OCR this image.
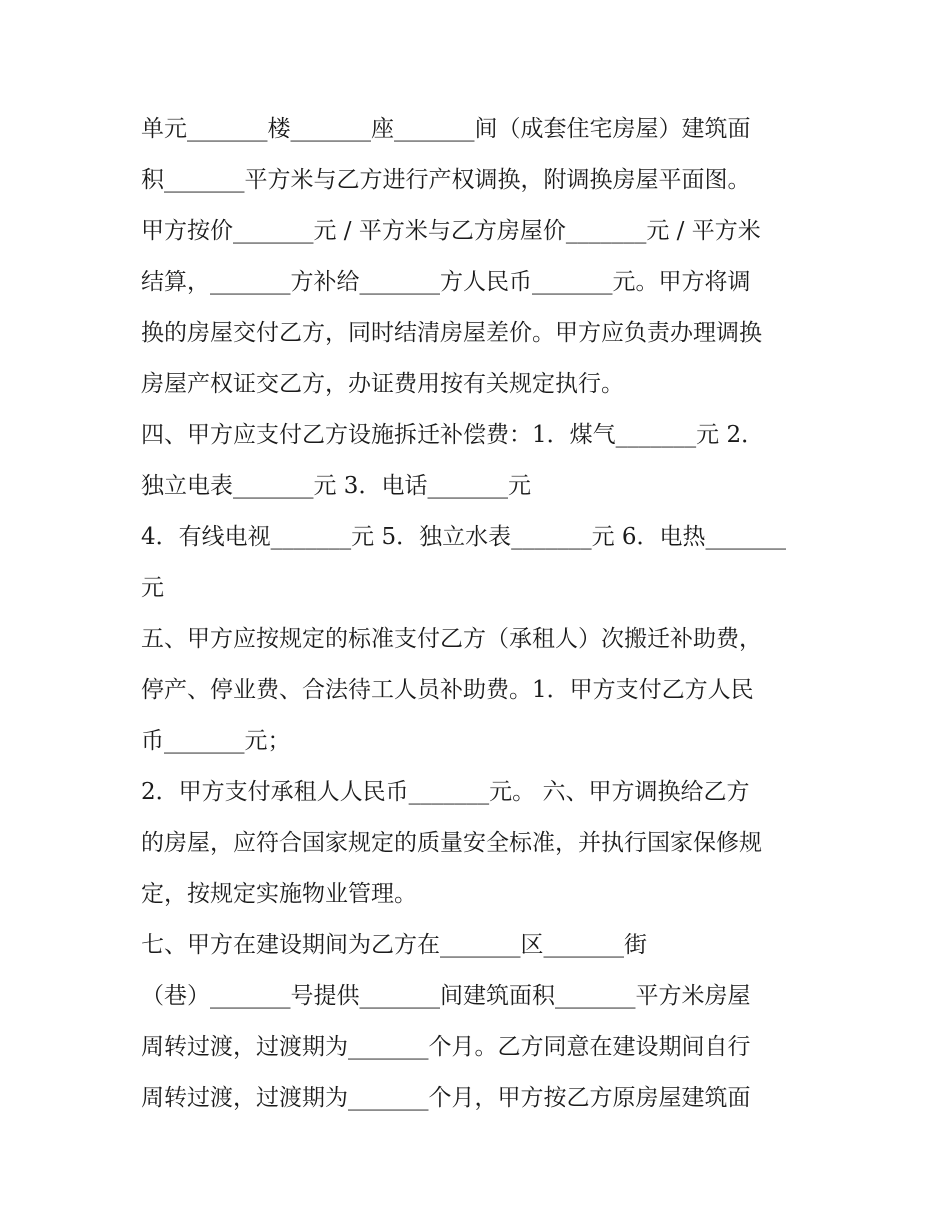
单元_______楼_______座_______间（成套住宅房屋）建筑面
积_______平方米与乙方进行产权调换，附调换房屋平面图。
甲方按价_______元 / 平方米与乙方房屋价_______元 / 平方米
结算，_______方补给_______方人民币_______元。甲方将调
换的房屋交付乙方，同时结清房屋差价。甲方应负责办理调换
房屋产权证交乙方，办证费用按有关规定执行。
四、甲方应支付乙方设施拆迁补偿费：1．煤气_______元 2．
独立电表_______元 3．电话_______元
4．有线电视_______元 5．独立水表_______元 6．电热_______
元
五、甲方应按规定的标准支付乙方（承租人）次搬迁补助费，
停产、停业费、合法待工人员补助费。1．甲方支付乙方人民
币_______元；
2．甲方支付承租人人民币_______元。 六、甲方调换给乙方
的房屋，应符合国家规定的质量安全标准，并执行国家保修规
定，按规定实施物业管理。
七、甲方在建设期间为乙方在_______区_______街
（巷）_______号提供_______间建筑面积_______平方米房屋
周转过渡，过渡期为_______个月。乙方同意在建设期间自行
周转过渡，过渡期为_______个月，甲方按乙方原房屋建筑面
